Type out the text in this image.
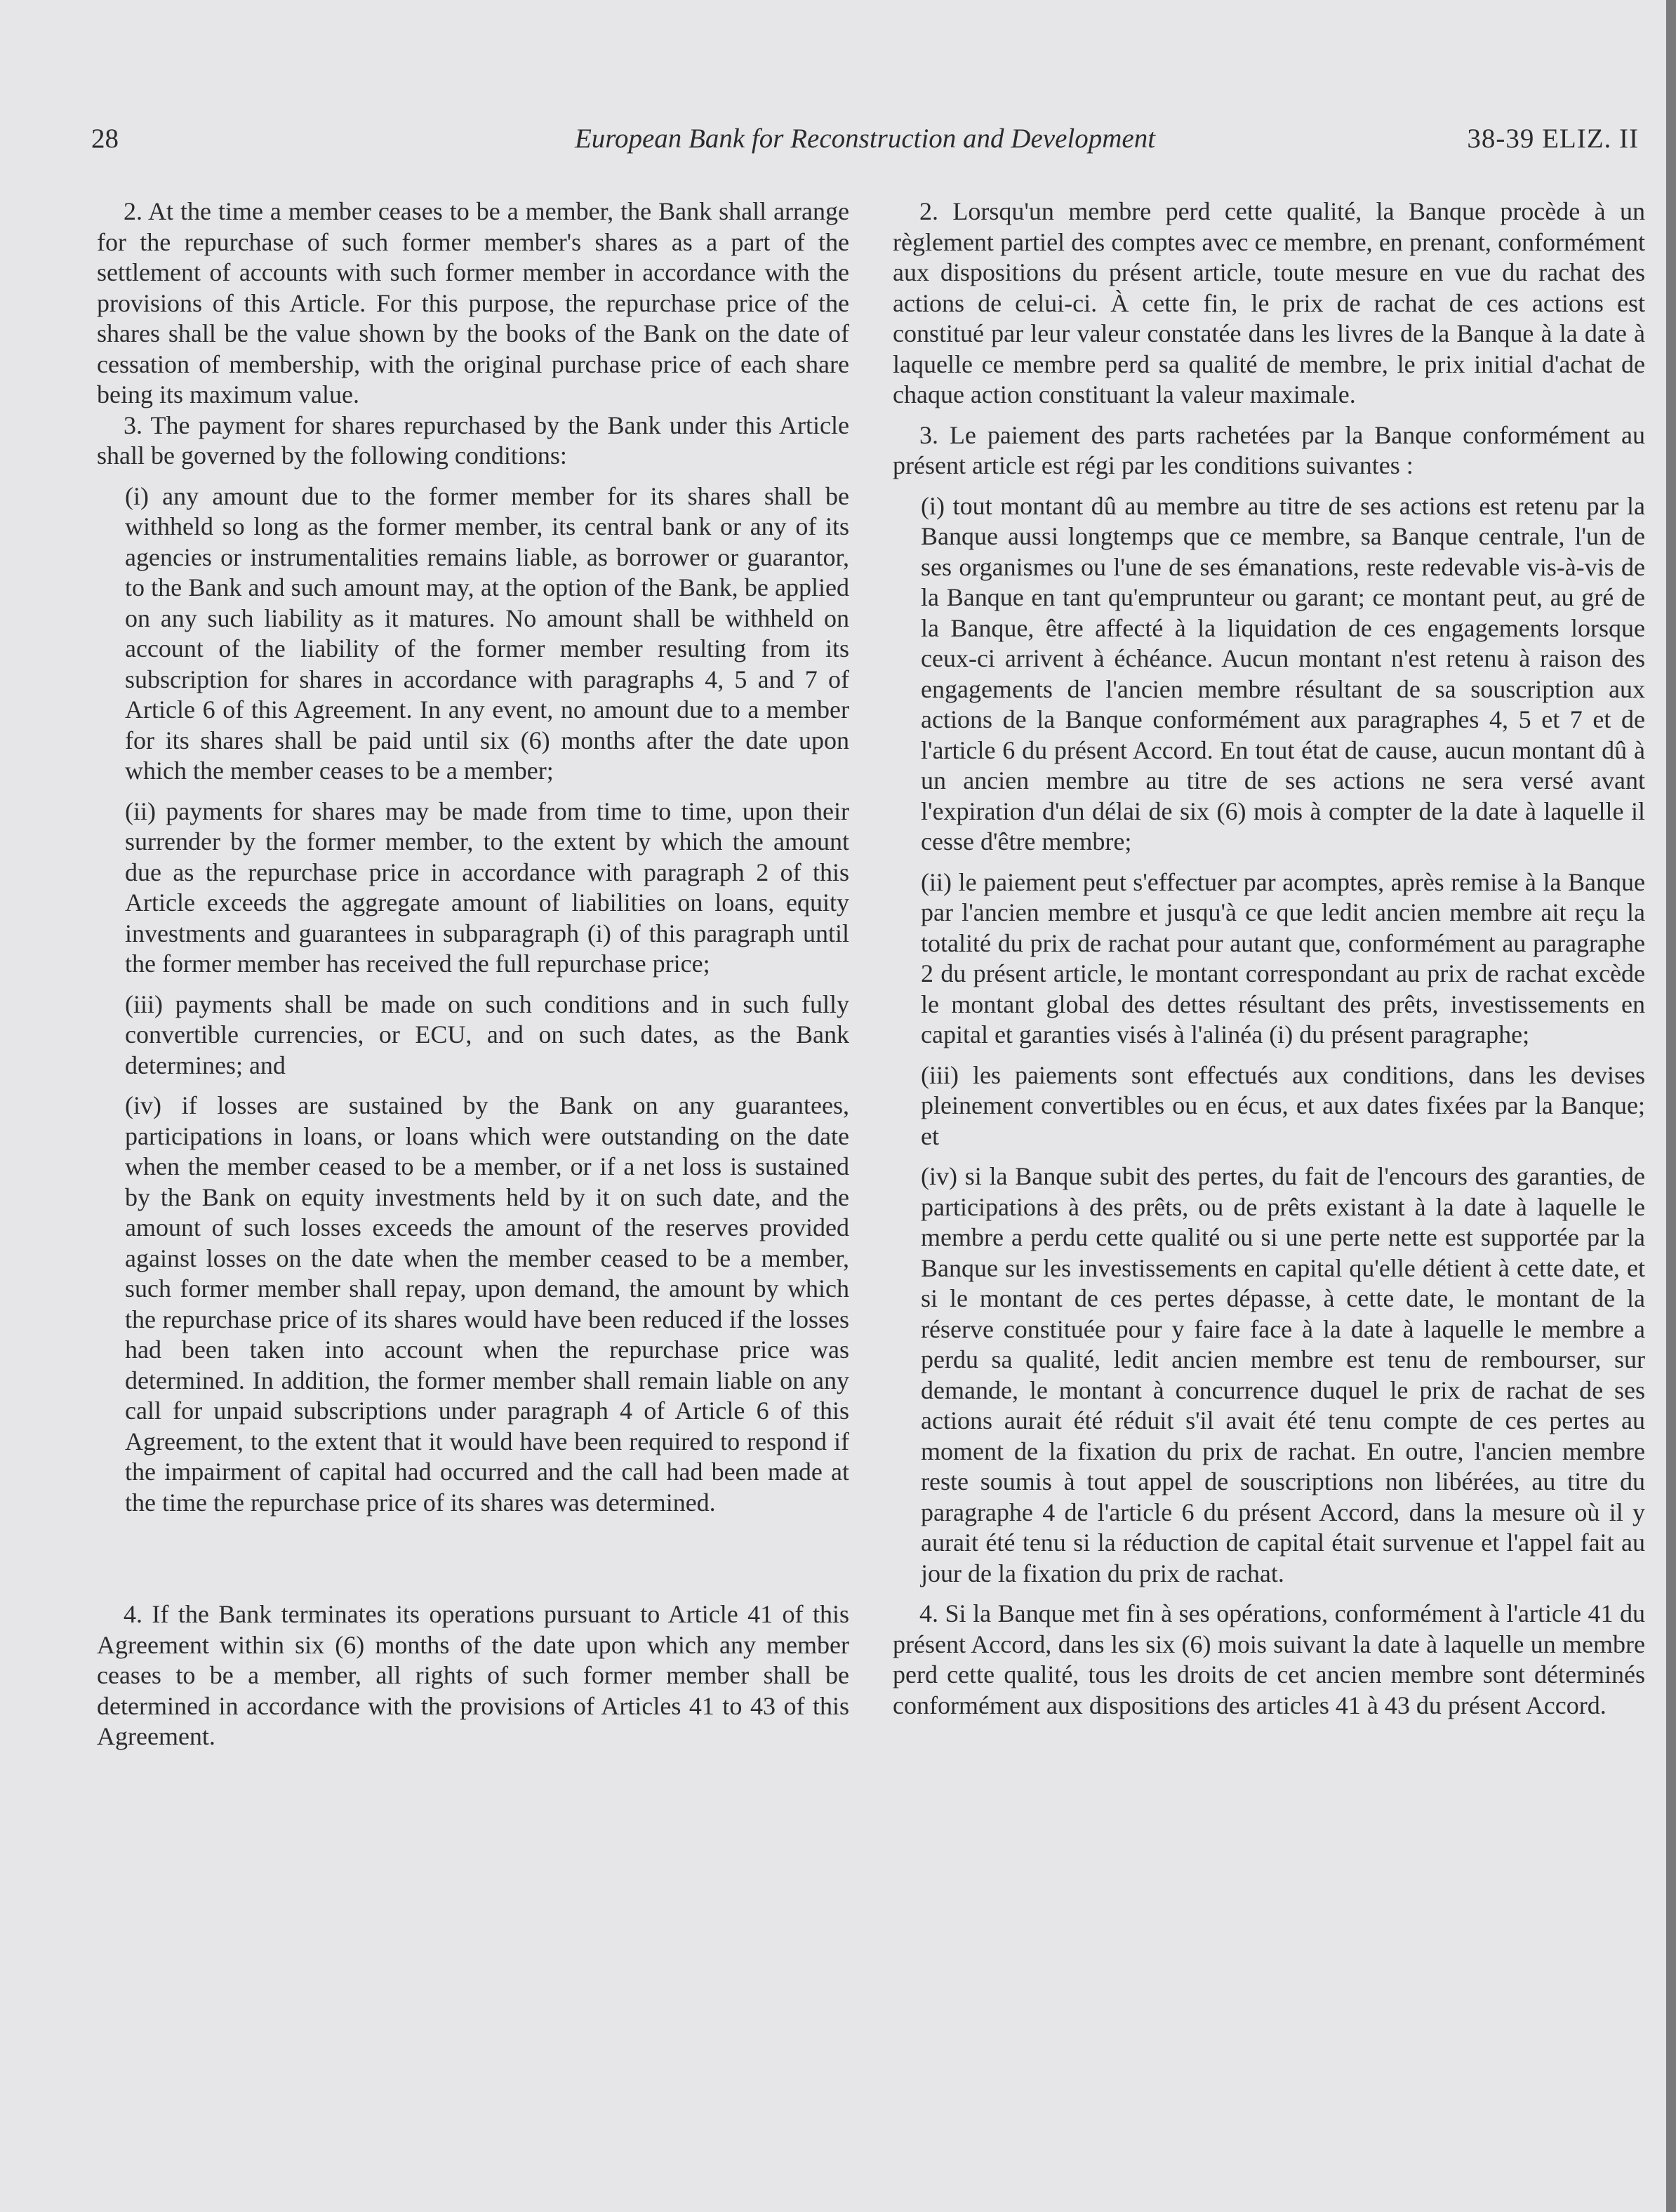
28	European Bank for Reconstruction and Development	38-39 ELIZ. II

2. At the time a member ceases to be a member, the Bank shall arrange for the repurchase of such former member's shares as a part of the settlement of accounts with such former member in accordance with the provisions of this Article. For this purpose, the repurchase price of the shares shall be the value shown by the books of the Bank on the date of cessation of membership, with the original purchase price of each share being its maximum value.

3. The payment for shares repurchased by the Bank under this Article shall be governed by the following conditions:

(i) any amount due to the former member for its shares shall be withheld so long as the former member, its central bank or any of its agencies or instrumentalities remains liable, as borrower or guarantor, to the Bank and such amount may, at the option of the Bank, be applied on any such liability as it matures. No amount shall be withheld on account of the liability of the former member resulting from its subscription for shares in accordance with paragraphs 4, 5 and 7 of Article 6 of this Agreement. In any event, no amount due to a member for its shares shall be paid until six (6) months after the date upon which the member ceases to be a member;

(ii) payments for shares may be made from time to time, upon their surrender by the former member, to the extent by which the amount due as the repurchase price in accordance with paragraph 2 of this Article exceeds the aggregate amount of liabilities on loans, equity investments and guarantees in subparagraph (i) of this paragraph until the former member has received the full repurchase price;

(iii) payments shall be made on such conditions and in such fully convertible currencies, or ECU, and on such dates, as the Bank determines; and

(iv) if losses are sustained by the Bank on any guarantees, participations in loans, or loans which were outstanding on the date when the member ceased to be a member, or if a net loss is sustained by the Bank on equity investments held by it on such date, and the amount of such losses exceeds the amount of the reserves provided against losses on the date when the member ceased to be a member, such former member shall repay, upon demand, the amount by which the repurchase price of its shares would have been reduced if the losses had been taken into account when the repurchase price was determined. In addition, the former member shall remain liable on any call for unpaid subscriptions under paragraph 4 of Article 6 of this Agreement, to the extent that it would have been required to respond if the impairment of capital had occurred and the call had been made at the time the repurchase price of its shares was determined.

4. If the Bank terminates its operations pursuant to Article 41 of this Agreement within six (6) months of the date upon which any member ceases to be a member, all rights of such former member shall be determined in accordance with the provisions of Articles 41 to 43 of this Agreement.

2. Lorsqu'un membre perd cette qualité, la Banque procède à un règlement partiel des comptes avec ce membre, en prenant, conformément aux dispositions du présent article, toute mesure en vue du rachat des actions de celui-ci. À cette fin, le prix de rachat de ces actions est constitué par leur valeur constatée dans les livres de la Banque à la date à laquelle ce membre perd sa qualité de membre, le prix initial d'achat de chaque action constituant la valeur maximale.

3. Le paiement des parts rachetées par la Banque conformément au présent article est régi par les conditions suivantes :

(i) tout montant dû au membre au titre de ses actions est retenu par la Banque aussi longtemps que ce membre, sa Banque centrale, l'un de ses organismes ou l'une de ses émanations, reste redevable vis-à-vis de la Banque en tant qu'emprunteur ou garant; ce montant peut, au gré de la Banque, être affecté à la liquidation de ces engagements lorsque ceux-ci arrivent à échéance. Aucun montant n'est retenu à raison des engagements de l'ancien membre résultant de sa souscription aux actions de la Banque conformément aux paragraphes 4, 5 et 7 et de l'article 6 du présent Accord. En tout état de cause, aucun montant dû à un ancien membre au titre de ses actions ne sera versé avant l'expiration d'un délai de six (6) mois à compter de la date à laquelle il cesse d'être membre;

(ii) le paiement peut s'effectuer par acomptes, après remise à la Banque par l'ancien membre et jusqu'à ce que ledit ancien membre ait reçu la totalité du prix de rachat pour autant que, conformément au paragraphe 2 du présent article, le montant correspondant au prix de rachat excède le montant global des dettes résultant des prêts, investissements en capital et garanties visés à l'alinéa (i) du présent paragraphe;

(iii) les paiements sont effectués aux conditions, dans les devises pleinement convertibles ou en écus, et aux dates fixées par la Banque; et

(iv) si la Banque subit des pertes, du fait de l'encours des garanties, de participations à des prêts, ou de prêts existant à la date à laquelle le membre a perdu cette qualité ou si une perte nette est supportée par la Banque sur les investissements en capital qu'elle détient à cette date, et si le montant de ces pertes dépasse, à cette date, le montant de la réserve constituée pour y faire face à la date à laquelle le membre a perdu sa qualité, ledit ancien membre est tenu de rembourser, sur demande, le montant à concurrence duquel le prix de rachat de ses actions aurait été réduit s'il avait été tenu compte de ces pertes au moment de la fixation du prix de rachat. En outre, l'ancien membre reste soumis à tout appel de souscriptions non libérées, au titre du paragraphe 4 de l'article 6 du présent Accord, dans la mesure où il y aurait été tenu si la réduction de capital était survenue et l'appel fait au jour de la fixation du prix de rachat.

4. Si la Banque met fin à ses opérations, conformément à l'article 41 du présent Accord, dans les six (6) mois suivant la date à laquelle un membre perd cette qualité, tous les droits de cet ancien membre sont déterminés conformément aux dispositions des articles 41 à 43 du présent Accord.
